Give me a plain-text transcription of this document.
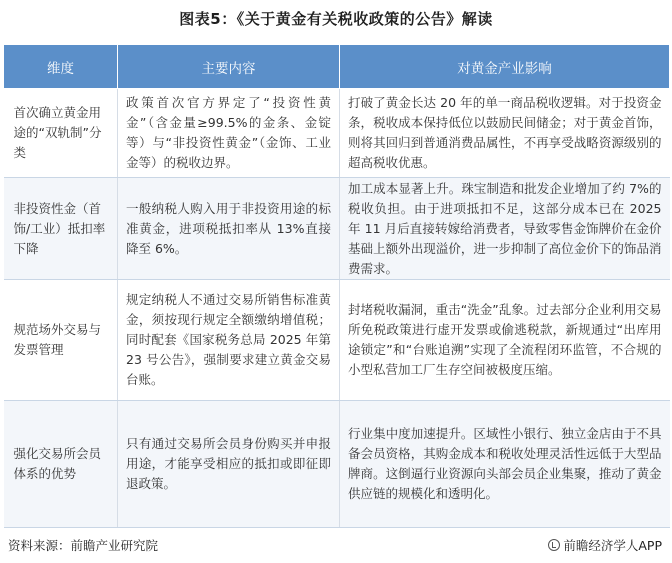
图表5：《关于黄金有关税收政策的公告》解读
维度	主要内容	对黄金产业影响
首次确立黄金用途的“双轨制”分类	政策首次官方界定了“投资性黄金”（含金量≥99.5%的金条、金锭等）与“非投资性黄金”（金饰、工业金等）的税收边界。	打破了黄金长达 20 年的单一商品税收逻辑。对于投资金条，税收成本保持低位以鼓励民间储金；对于黄金首饰，则将其回归到普通消费品属性，不再享受战略资源级别的超高税收优惠。
非投资性金（首饰/工业）抵扣率下降	一般纳税人购入用于非投资用途的标准黄金，进项税抵扣率从 13%直接降至 6%。	加工成本显著上升。珠宝制造和批发企业增加了约 7%的税收负担。由于进项抵扣不足，这部分成本已在 2025 年 11 月后直接转嫁给消费者，导致零售金饰牌价在金价基础上额外出现溢价，进一步抑制了高位金价下的饰品消费需求。
规范场外交易与发票管理	规定纳税人不通过交易所销售标准黄金，须按现行规定全额缴纳增值税；同时配套《国家税务总局 2025 年第 23 号公告》，强制要求建立黄金交易台账。	封堵税收漏洞，重击“洗金”乱象。过去部分企业利用交易所免税政策进行虚开发票或偷逃税款，新规通过“出库用途锁定”和“台账追溯”实现了全流程闭环监管，不合规的小型私营加工厂生存空间被极度压缩。
强化交易所会员体系的优势	只有通过交易所会员身份购买并申报用途，才能享受相应的抵扣或即征即退政策。	行业集中度加速提升。区域性小银行、独立金店由于不具备会员资格，其购金成本和税收处理灵活性远低于大型品牌商。这倒逼行业资源向头部会员企业集聚，推动了黄金供应链的规模化和透明化。
资料来源：前瞻产业研究院	前瞻经济学人APP
